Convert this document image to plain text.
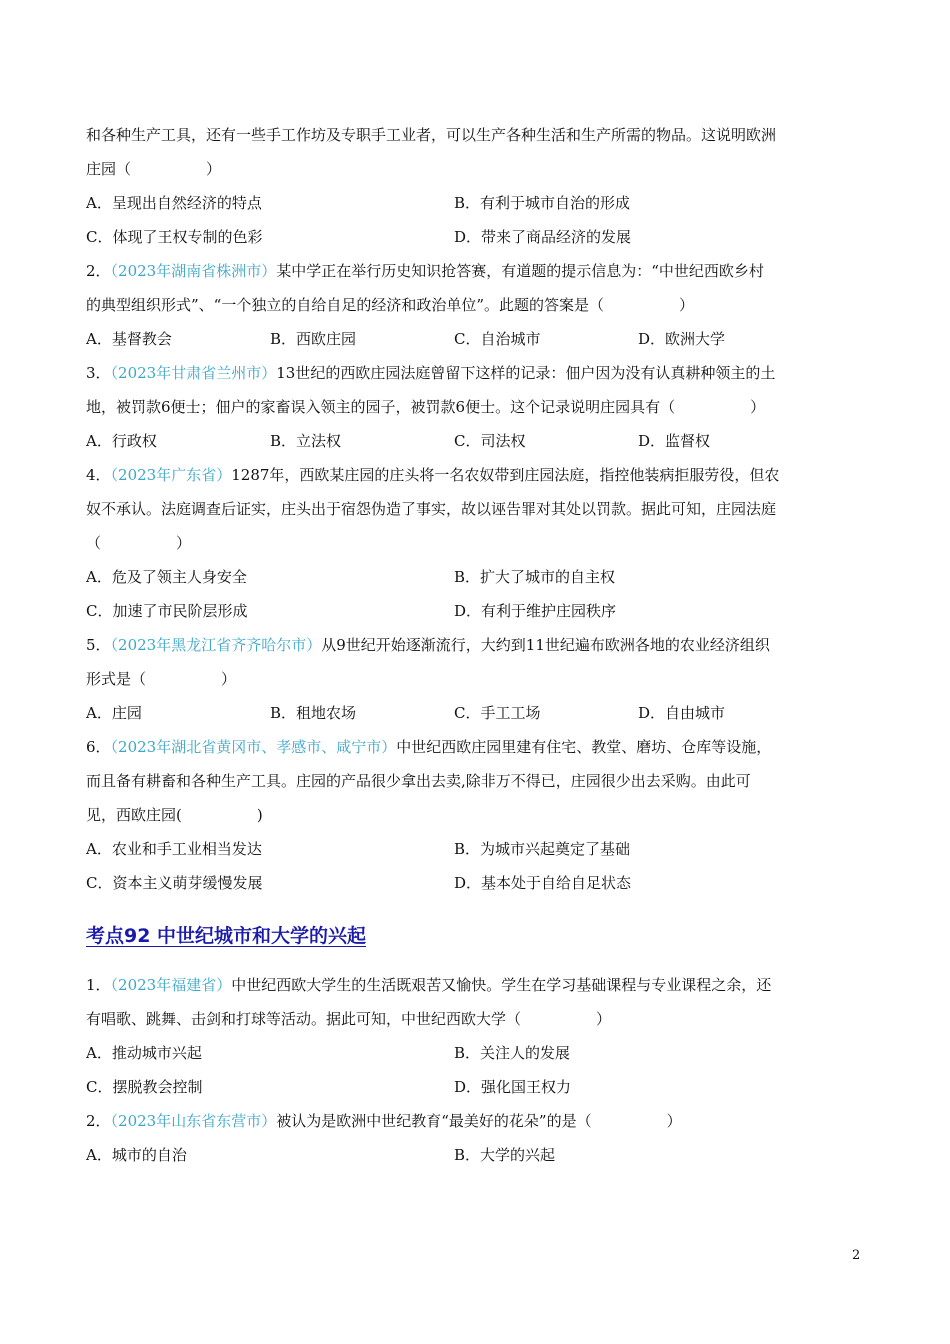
和各种生产工具，还有一些手工作坊及专职手工业者，可以生产各种生活和生产所需的物品。这说明欧洲
庄园（　　　　　）
A．呈现出自然经济的特点	B．有利于城市自治的形成
C．体现了王权专制的色彩	D．带来了商品经济的发展
2．（2023年湖南省株洲市）某中学正在举行历史知识抢答赛，有道题的提示信息为：“中世纪西欧乡村
的典型组织形式”、“一个独立的自给自足的经济和政治单位”。此题的答案是（　　　　　）
A．基督教会	B．西欧庄园	C．自治城市	D．欧洲大学
3．（2023年甘肃省兰州市）13世纪的西欧庄园法庭曾留下这样的记录：佃户因为没有认真耕种领主的土
地，被罚款6便士；佃户的家畜误入领主的园子，被罚款6便士。这个记录说明庄园具有（　　　　　）
A．行政权	B．立法权	C．司法权	D．监督权
4．（2023年广东省）1287年，西欧某庄园的庄头将一名农奴带到庄园法庭，指控他装病拒服劳役，但农
奴不承认。法庭调查后证实，庄头出于宿怨伪造了事实，故以诬告罪对其处以罚款。据此可知，庄园法庭
（　　　　　）
A．危及了领主人身安全	B．扩大了城市的自主权
C．加速了市民阶层形成	D．有利于维护庄园秩序
5．（2023年黑龙江省齐齐哈尔市）从9世纪开始逐渐流行，大约到11世纪遍布欧洲各地的农业经济组织
形式是（　　　　　）
A．庄园	B．租地农场	C．手工工场	D．自由城市
6．（2023年湖北省黄冈市、孝感市、咸宁市）中世纪西欧庄园里建有住宅、教堂、磨坊、仓库等设施，
而且备有耕畜和各种生产工具。庄园的产品很少拿出去卖,除非万不得已，庄园很少出去采购。由此可
见，西欧庄园(　　　　　)
A．农业和手工业相当发达	B．为城市兴起奠定了基础
C．资本主义萌芽缓慢发展	D．基本处于自给自足状态
考点92 中世纪城市和大学的兴起
1．（2023年福建省）中世纪西欧大学生的生活既艰苦又愉快。学生在学习基础课程与专业课程之余，还
有唱歌、跳舞、击剑和打球等活动。据此可知，中世纪西欧大学（　　　　　）
A．推动城市兴起	B．关注人的发展
C．摆脱教会控制	D．强化国王权力
2．（2023年山东省东营市）被认为是欧洲中世纪教育“最美好的花朵”的是（　　　　　）
A．城市的自治	B．大学的兴起
2
